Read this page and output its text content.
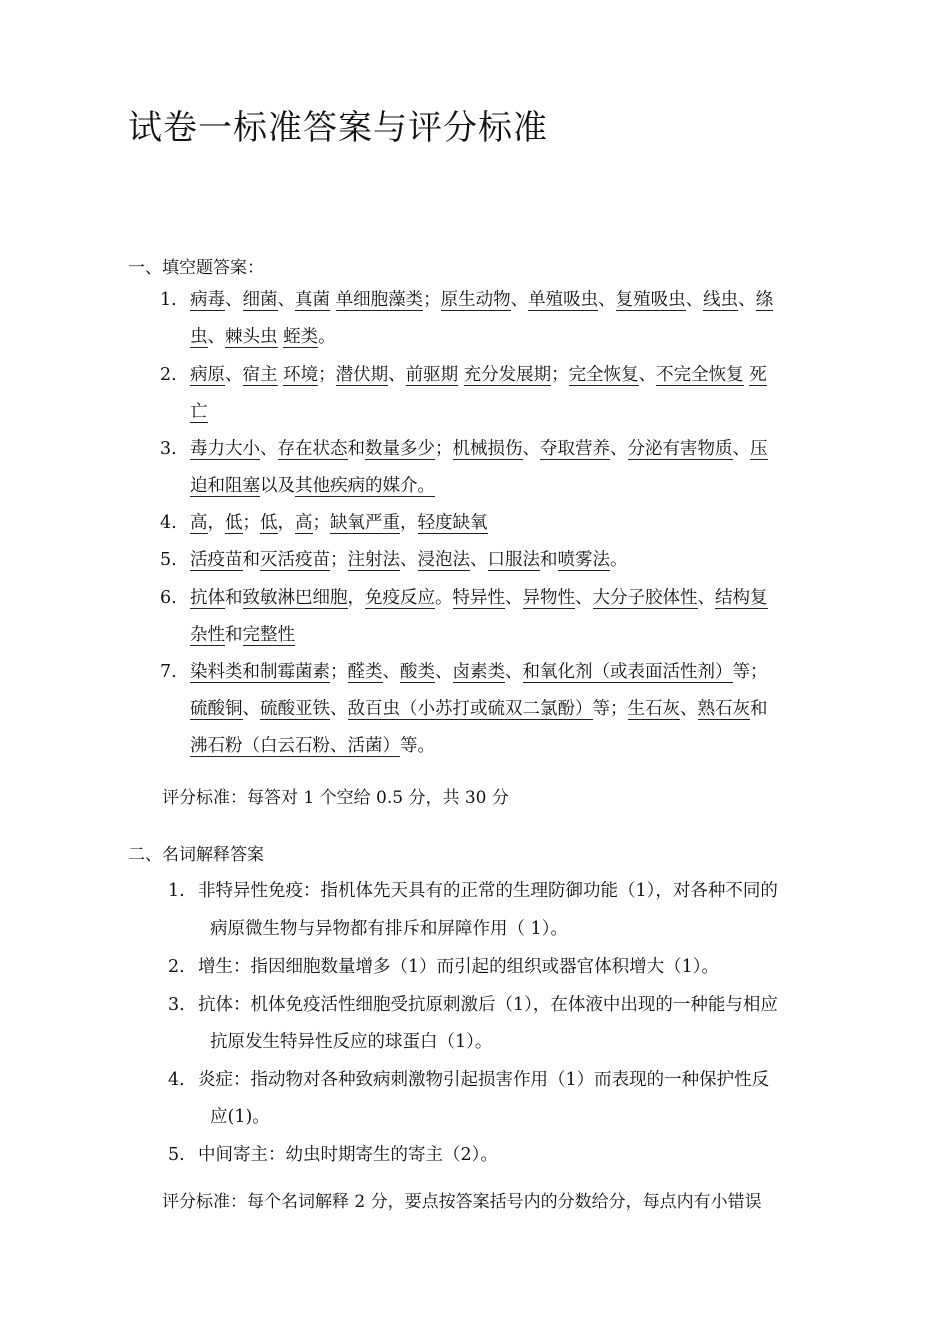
试卷一标准答案与评分标准
一、填空题答案：
1. 病毒、细菌、真菌 单细胞藻类；原生动物、单殖吸虫、复殖吸虫、线虫、绦
虫、棘头虫 蛭类。
2. 病原、宿主 环境；潜伏期、前驱期 充分发展期；完全恢复、不完全恢复 死
亡
3. 毒力大小、存在状态和数量多少；机械损伤、夺取营养、分泌有害物质、压
迫和阻塞以及其他疾病的媒介。
4. 高，低；低，高；缺氧严重，轻度缺氧
5. 活疫苗和灭活疫苗；注射法、浸泡法、口服法和喷雾法。
6. 抗体和致敏淋巴细胞，免疫反应。特异性、异物性、大分子胶体性、结构复
杂性和完整性
7. 染料类和制霉菌素；醛类、酸类、卤素类、和氧化剂（或表面活性剂）等；
硫酸铜、硫酸亚铁、敌百虫（小苏打或硫双二氯酚）等；生石灰、熟石灰和
沸石粉（白云石粉、活菌）等。
评分标准：每答对 1 个空给 0.5 分，共 30 分
二、名词解释答案
1. 非特异性免疫：指机体先天具有的正常的生理防御功能（1），对各种不同的
病原微生物与异物都有排斥和屏障作用（ 1）。
2. 增生：指因细胞数量增多（1）而引起的组织或器官体积增大（1）。
3. 抗体：机体免疫活性细胞受抗原刺激后（1），在体液中出现的一种能与相应
抗原发生特异性反应的球蛋白（1）。
4. 炎症：指动物对各种致病刺激物引起损害作用（1）而表现的一种保护性反
应(1)。
5. 中间寄主：幼虫时期寄生的寄主（2）。
评分标准：每个名词解释 2 分，要点按答案括号内的分数给分，每点内有小错误
